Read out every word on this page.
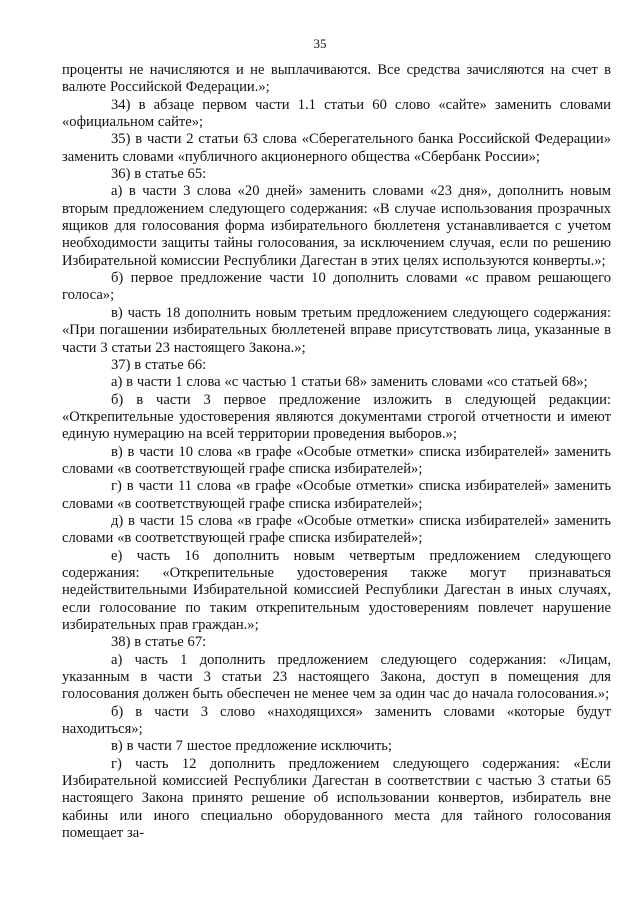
35

проценты не начисляются и не выплачиваются. Все средства зачисляются на счет в валюте Российской Федерации.»;

34) в абзаце первом части 1.1 статьи 60 слово «сайте» заменить словами «официальном сайте»;

35) в части 2 статьи 63 слова «Сберегательного банка Российской Федерации» заменить словами «публичного акционерного общества «Сбербанк России»;

36) в статье 65:

а) в части 3 слова «20 дней» заменить словами «23 дня», дополнить новым вторым предложением следующего содержания: «В случае использования прозрачных ящиков для голосования форма избирательного бюллетеня устанавливается с учетом необходимости защиты тайны голосования, за исключением случая, если по решению Избирательной комиссии Республики Дагестан в этих целях используются конверты.»;

б) первое предложение части 10 дополнить словами «с правом решающего голоса»;

в) часть 18 дополнить новым третьим предложением следующего содержания: «При погашении избирательных бюллетеней вправе присутствовать лица, указанные в части 3 статьи 23 настоящего Закона.»;

37) в статье 66:

а) в части 1 слова «с частью 1 статьи 68» заменить словами «со статьей 68»;

б) в части 3 первое предложение изложить в следующей редакции: «Открепительные удостоверения являются документами строгой отчетности и имеют единую нумерацию на всей территории проведения выборов.»;

в) в части 10 слова «в графе «Особые отметки» списка избирателей» заменить словами «в соответствующей графе списка избирателей»;

г) в части 11 слова «в графе «Особые отметки» списка избирателей» заменить словами «в соответствующей графе списка избирателей»;

д) в части 15 слова «в графе «Особые отметки» списка избирателей» заменить словами «в соответствующей графе списка избирателей»;

е) часть 16 дополнить новым четвертым предложением следующего содержания: «Открепительные удостоверения также могут признаваться недействительными Избирательной комиссией Республики Дагестан в иных случаях, если голосование по таким открепительным удостоверениям повлечет нарушение избирательных прав граждан.»;

38) в статье 67:

а) часть 1 дополнить предложением следующего содержания: «Лицам, указанным в части 3 статьи 23 настоящего Закона, доступ в помещения для голосования должен быть обеспечен не менее чем за один час до начала голосования.»;

б) в части 3 слово «находящихся» заменить словами «которые будут находиться»;

в) в части 7 шестое предложение исключить;

г) часть 12 дополнить предложением следующего содержания: «Если Избирательной комиссией Республики Дагестан в соответствии с частью 3 статьи 65 настоящего Закона принято решение об использовании конвертов, избиратель вне кабины или иного специально оборудованного места для тайного голосования помещает за-
